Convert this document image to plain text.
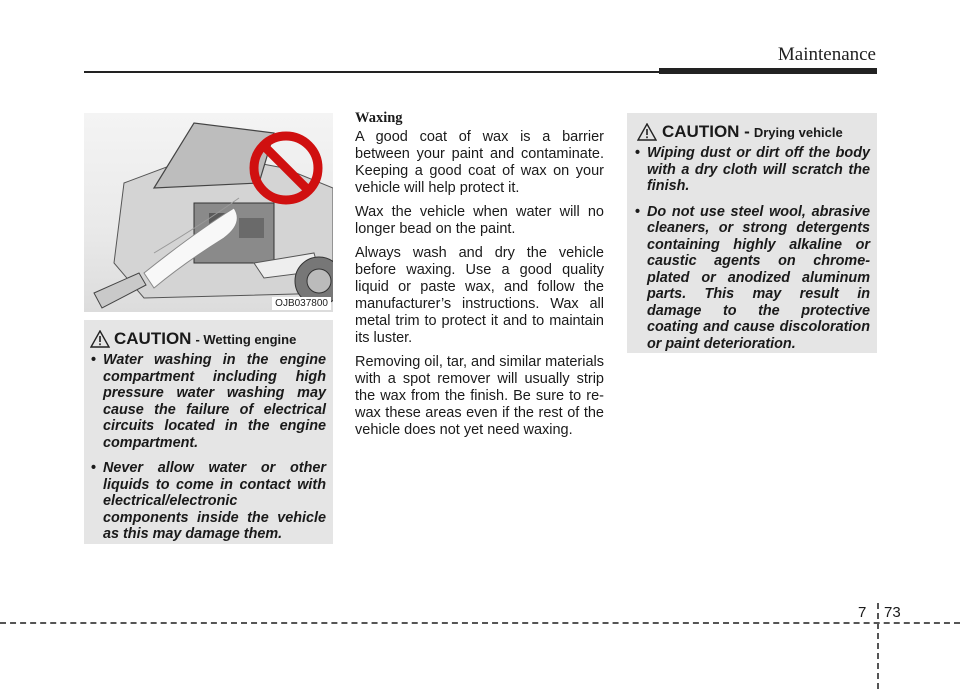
Maintenance
OJB037800
CAUTION - Wetting engine
• Water washing in the engine compartment including high pressure water washing may cause the failure of electrical circuits located in the engine compartment.
• Never allow water or other liquids to come in contact with electrical/electronic components inside the vehicle as this may damage them.
Waxing

A good coat of wax is a barrier between your paint and contaminate. Keeping a good coat of wax on your vehicle will help protect it.

Wax the vehicle when water will no longer bead on the paint.

Always wash and dry the vehicle before waxing. Use a good quality liquid or paste wax, and follow the manufacturer’s instructions. Wax all metal trim to protect it and to maintain its luster.

Removing oil, tar, and similar materials with a spot remover will usually strip the wax from the finish. Be sure to re-wax these areas even if the rest of the vehicle does not yet need waxing.

CAUTION - Drying vehicle
• Wiping dust or dirt off the body with a dry cloth will scratch the finish.
• Do not use steel wool, abrasive cleaners, or strong detergents containing highly alkaline or caustic agents on chrome-plated or anodized aluminum parts. This may result in damage to the protective coating and cause discoloration or paint deterioration.
7 73
